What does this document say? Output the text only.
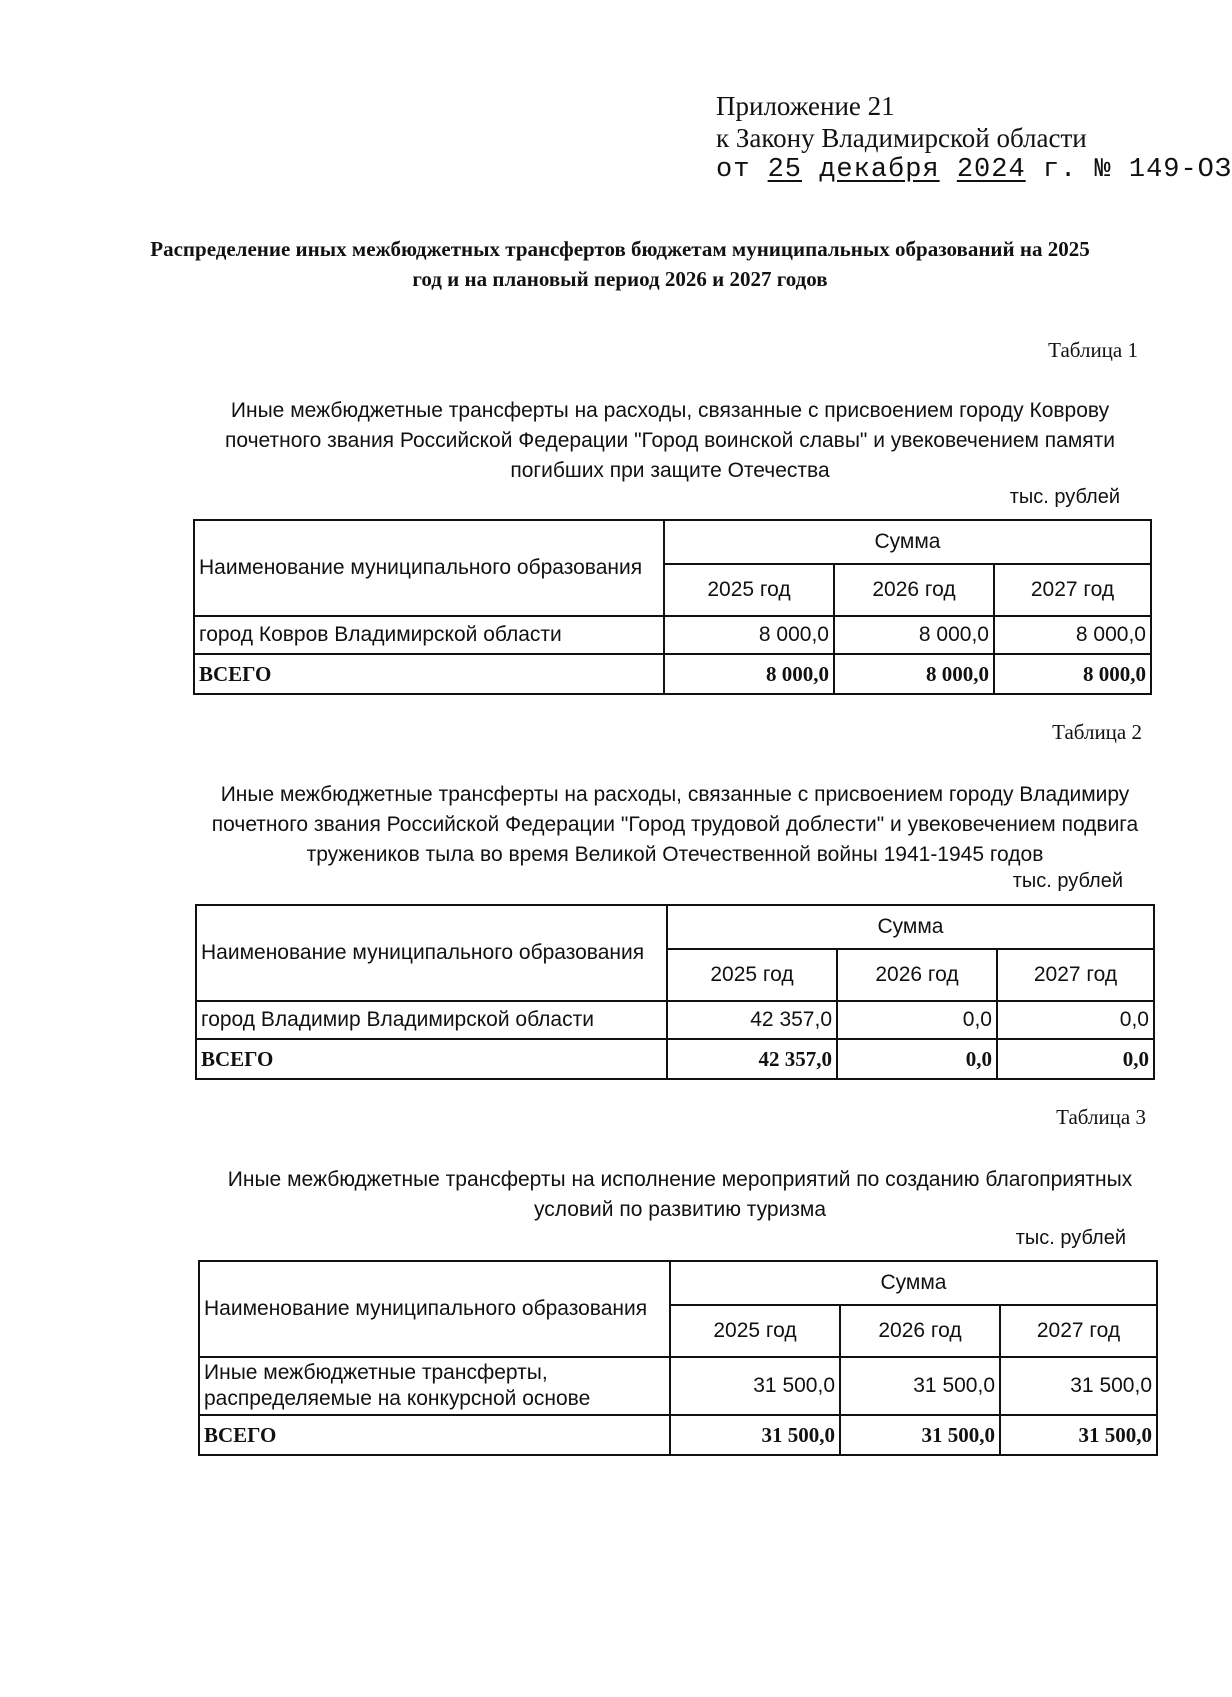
Приложение 21
к Закону Владимирской области
от 25 декабря 2024 г. № 149-ОЗ
Распределение иных межбюджетных трансфертов бюджетам муниципальных образований на 2025 год и на плановый период 2026 и 2027 годов
Таблица 1
Иные межбюджетные трансферты на расходы, связанные с присвоением городу Коврову почетного звания Российской Федерации "Город воинской славы" и увековечением памяти погибших при защите Отечества
тыс. рублей
Наименование муниципального образования	Сумма		
	2025 год	2026 год	2027 год
город Ковров Владимирской области	8 000,0	8 000,0	8 000,0
ВСЕГО	8 000,0	8 000,0	8 000,0
Таблица 2
Иные межбюджетные трансферты на расходы, связанные с присвоением городу Владимиру почетного звания Российской Федерации "Город трудовой доблести" и увековечением подвига тружеников тыла во время Великой Отечественной войны 1941-1945 годов
тыс. рублей
Наименование муниципального образования	Сумма		
	2025 год	2026 год	2027 год
город Владимир Владимирской области	42 357,0	0,0	0,0
ВСЕГО	42 357,0	0,0	0,0
Таблица 3
Иные межбюджетные трансферты на исполнение мероприятий по созданию благоприятных условий по развитию туризма
тыс. рублей
Наименование муниципального образования	Сумма		
	2025 год	2026 год	2027 год
Иные межбюджетные трансферты, распределяемые на конкурсной основе	31 500,0	31 500,0	31 500,0
ВСЕГО	31 500,0	31 500,0	31 500,0
